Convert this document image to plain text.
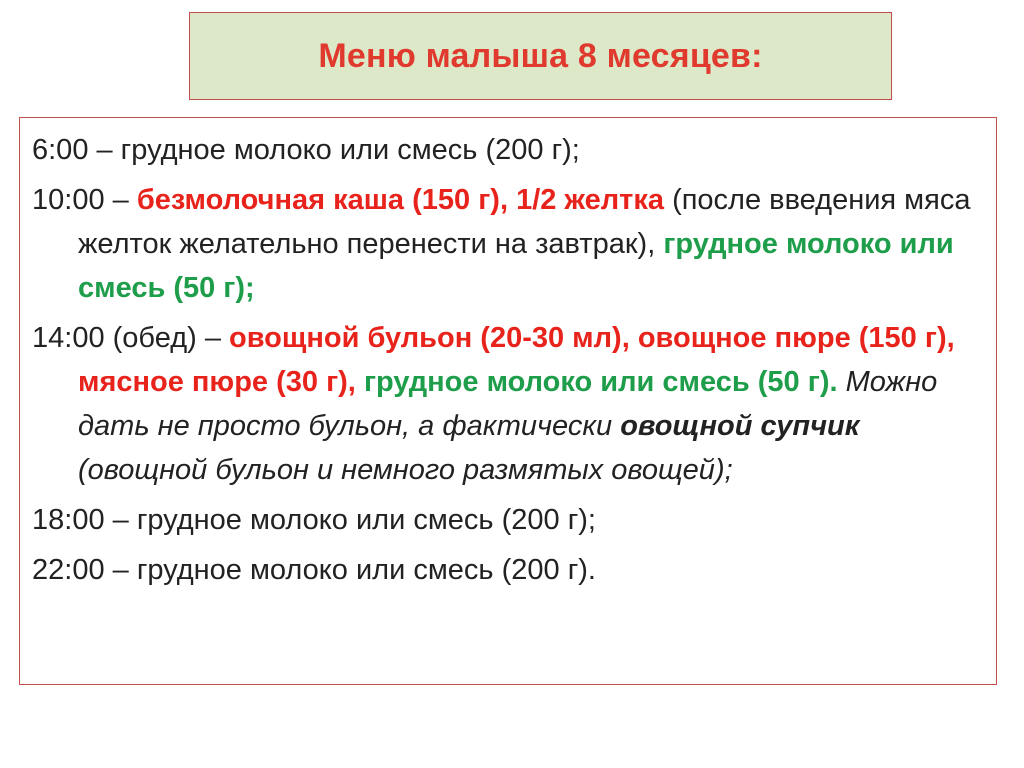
Меню малыша 8 месяцев:
6:00 – грудное молоко или смесь (200 г);
10:00 – безмолочная каша (150 г), 1/2 желтка (после введения мяса желток желательно перенести на завтрак), грудное молоко или смесь (50 г);
14:00 (обед) – овощной бульон (20-30 мл), овощное пюре (150 г), мясное пюре (30 г), грудное молоко или смесь (50 г). Можно дать не просто бульон, а фактически овощной супчик (овощной бульон и немного размятых овощей);
18:00 – грудное молоко или смесь (200 г);
22:00 – грудное молоко или смесь (200 г).
